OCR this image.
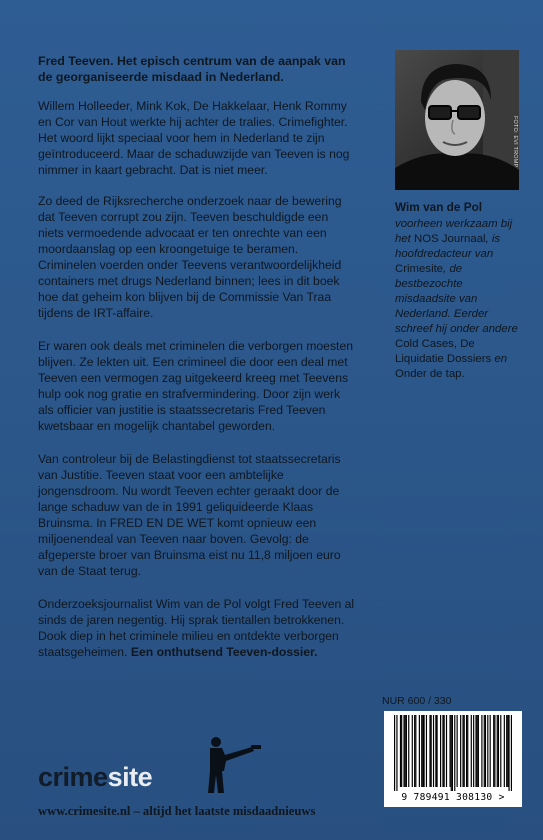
Fred Teeven. Het episch centrum van de aanpak van de georganiseerde misdaad in Nederland.

Willem Holleeder, Mink Kok, De Hakkelaar, Henk Rommy en Cor van Hout werkte hij achter de tralies. Crimefighter. Het woord lijkt speciaal voor hem in Nederland te zijn geïntroduceerd. Maar de schaduwzijde van Teeven is nog nimmer in kaart gebracht. Dat is niet meer.

Zo deed de Rijksrecherche onderzoek naar de bewering dat Teeven corrupt zou zijn. Teeven beschuldigde een niets vermoedende advocaat er ten onrechte van een moordaanslag op een kroongetuige te beramen. Criminelen voerden onder Teevens verantwoordelijkheid containers met drugs Nederland binnen; lees in dit boek hoe dat geheim kon blijven bij de Commissie Van Traa tijdens de IRT-affaire.

Er waren ook deals met criminelen die verborgen moesten blijven. Ze lekten uit. Een crimineel die door een deal met Teeven een vermogen zag uitgekeerd kreeg met Teevens hulp ook nog gratie en strafvermindering. Door zijn werk als officier van justitie is staatssecretaris Fred Teeven kwetsbaar en mogelijk chantabel geworden.

Van controleur bij de Belastingdienst tot staatssecretaris van Justitie. Teeven staat voor een ambtelijke jongensdroom. Nu wordt Teeven echter geraakt door de lange schaduw van de in 1991 geliquideerde Klaas Bruinsma. In FRED EN DE WET komt opnieuw een miljoenendeal van Teeven naar boven. Gevolg: de afgeperste broer van Bruinsma eist nu 11,8 miljoen euro van de Staat terug.

Onderzoeksjournalist Wim van de Pol volgt Fred Teeven al sinds de jaren negentig. Hij sprak tientallen betrokkenen. Dook diep in het criminele milieu en ontdekte verborgen staatsgeheimen. Een onthutsend Teeven-dossier.

FOTO: EVI TROMP
Wim van de Pol
voorheen werkzaam bij het NOS Journaal, is hoofdredacteur van Crimesite, de bestbezochte misdaadsite van Nederland. Eerder schreef hij onder andere Cold Cases, De Liquidatie Dossiers en Onder de tap.
NUR 600 / 330
9 789491 308130 >
crimesite
www.crimesite.nl – altijd het laatste misdaadnieuws
